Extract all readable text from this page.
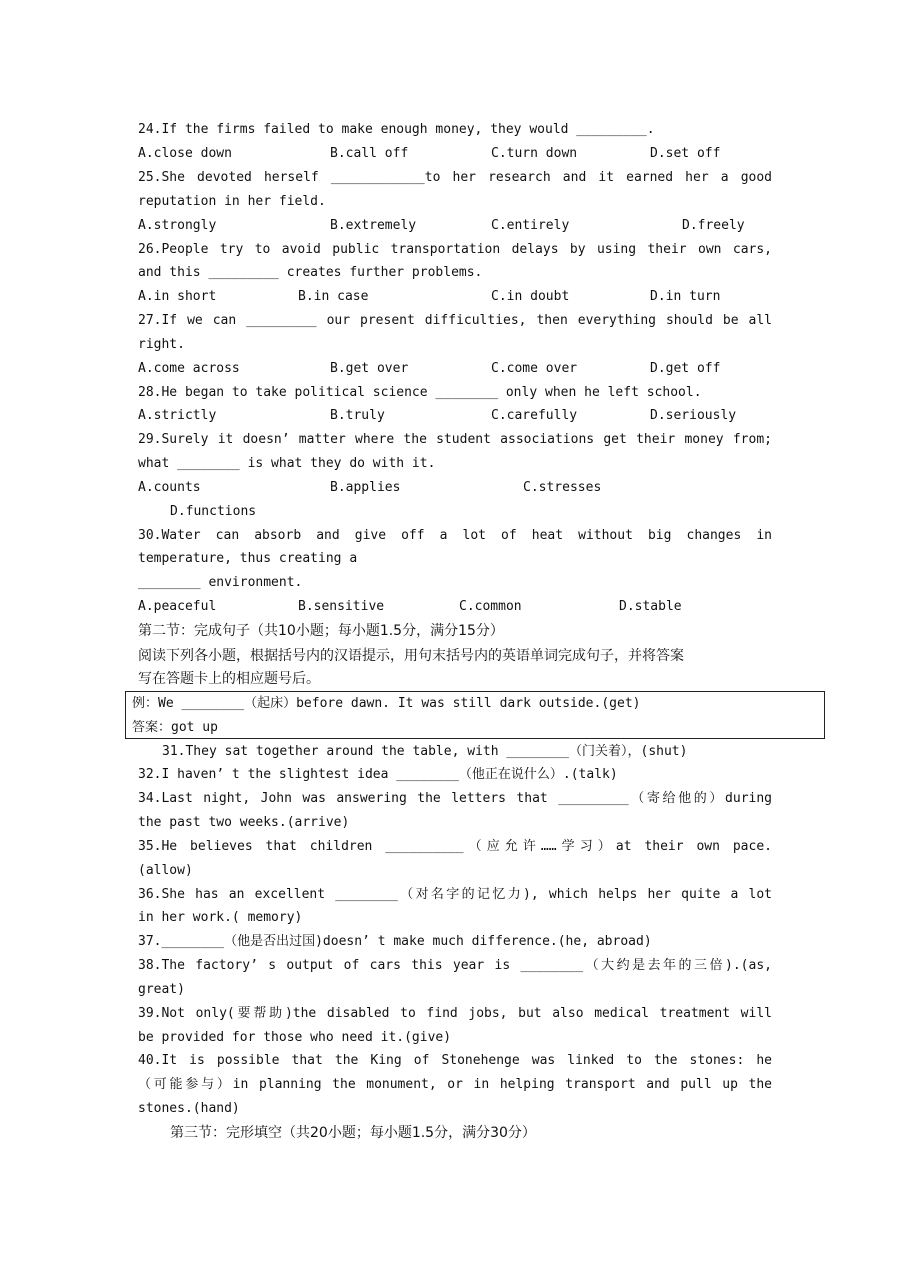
24.If the firms failed to make enough money, they would _________.
A.close down	B.call off	C.turn down	D.set off
25.She devoted herself ____________to her research and it earned her a good
reputation in her field.
A.strongly	B.extremely	C.entirely	D.freely
26.People try to avoid public transportation delays by using their own cars,
and this _________ creates further problems.
A.in short	B.in case	C.in doubt	D.in turn
27.If we can _________ our present difficulties, then everything should be all
right.
A.come across	B.get over	C.come over	D.get off
28.He began to take political science ________ only when he left school.
A.strictly	B.truly	C.carefully	D.seriously
29.Surely it doesn’ matter where the student associations get their money from;
what ________ is what they do with it.
A.counts	B.applies	C.stresses
D.functions
30.Water can absorb and give off a lot of heat without big changes in
temperature, thus creating a
________ environment.
A.peaceful	B.sensitive	C.common	D.stable
第二节：完成句子（共10小题；每小题1.5分，满分15分）
阅读下列各小题，根据括号内的汉语提示，用句末括号内的英语单词完成句子，并将答案
写在答题卡上的相应题号后。
例：We ________（起床）before dawn. It was still dark outside.(get)
答案：got up
31.They sat together around the table, with ________（门关着），(shut)
32.I haven’ t the slightest idea ________（他正在说什么）.(talk)
34.Last night, John was answering the letters that _________（寄给他的）during
the past two weeks.(arrive)
35.He believes that children __________（应允许……学习）at their own pace.
(allow)
36.She has an excellent ________（对名字的记忆力), which helps her quite a lot
in her work.( memory)
37.________（他是否出过国)doesn’ t make much difference.(he, abroad)
38.The factory’ s output of cars this year is ________（大约是去年的三倍).(as,
great)
39.Not only(要帮助)the disabled to find jobs, but also medical treatment will
be provided for those who need it.(give)
40.It is possible that the King of Stonehenge was linked to the stones: he
（可能参与）in planning the monument, or in helping transport and pull up the
stones.(hand)
第三节：完形填空（共20小题；每小题1.5分，满分30分）
